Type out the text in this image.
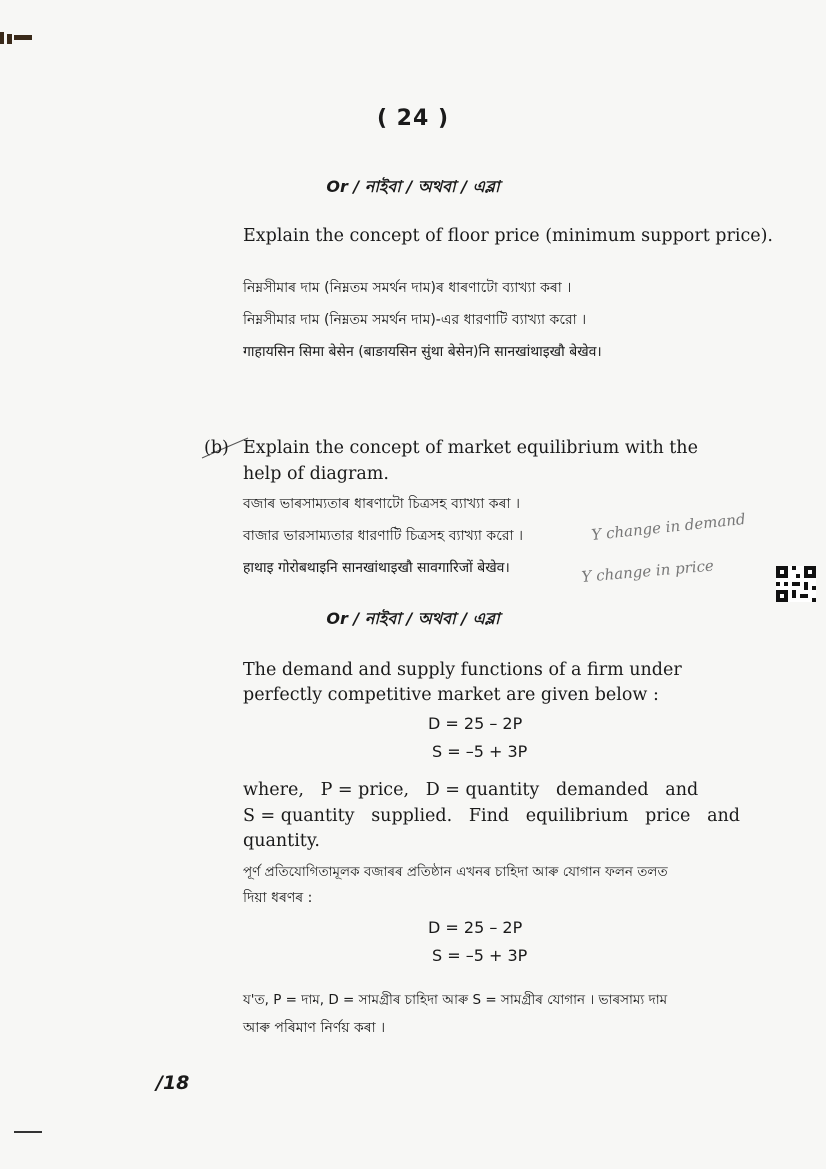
( 24 )
Or / নাইবা / অথবা / এব্লা
Explain the concept of floor price (minimum support price).
নিম্নসীমাৰ দাম (নিম্নতম সমৰ্থন দাম)ৰ ধাৰণাটো ব্যাখ্যা কৰা ।
নিম্নসীমার দাম (নিম্নতম সমর্থন দাম)-এর ধারণাটি ব্যাখ্যা করো ।
गाहायसिन सिमा बेसेन (बाङायसिन सुंथा बेसेन)नि सानखांथाइखौ बेखेव।
(b) Explain the concept of market equilibrium with the
help of diagram.
বজাৰ ভাৰসাম্যতাৰ ধাৰণাটো চিত্ৰসহ ব্যাখ্যা কৰা ।
বাজার ভারসাম্যতার ধারণাটি চিত্রসহ ব্যাখ্যা করো ।
हाथाइ गोरोबथाइनि सानखांथाइखौ सावगारिजों बेखेव।
Y change in demand
Y change in price
Or / নাইবা / অথবা / এব্লা
The demand and supply functions of a firm under
perfectly competitive market are given below :
D = 25 – 2P
S = –5 + 3P
where,   P = price,   D = quantity   demanded   and
S = quantity   supplied.   Find   equilibrium   price   and
quantity.
পূৰ্ণ প্ৰতিযোগিতামূলক বজাৰৰ প্ৰতিষ্ঠান এখনৰ চাহিদা আৰু যোগান ফলন তলত
দিয়া ধৰণৰ :
D = 25 – 2P
S = –5 + 3P
য'ত, P = দাম, D = সামগ্ৰীৰ চাহিদা আৰু S = সামগ্ৰীৰ যোগান । ভাৰসাম্য দাম
আৰু পৰিমাণ নিৰ্ণয় কৰা ।
/18
